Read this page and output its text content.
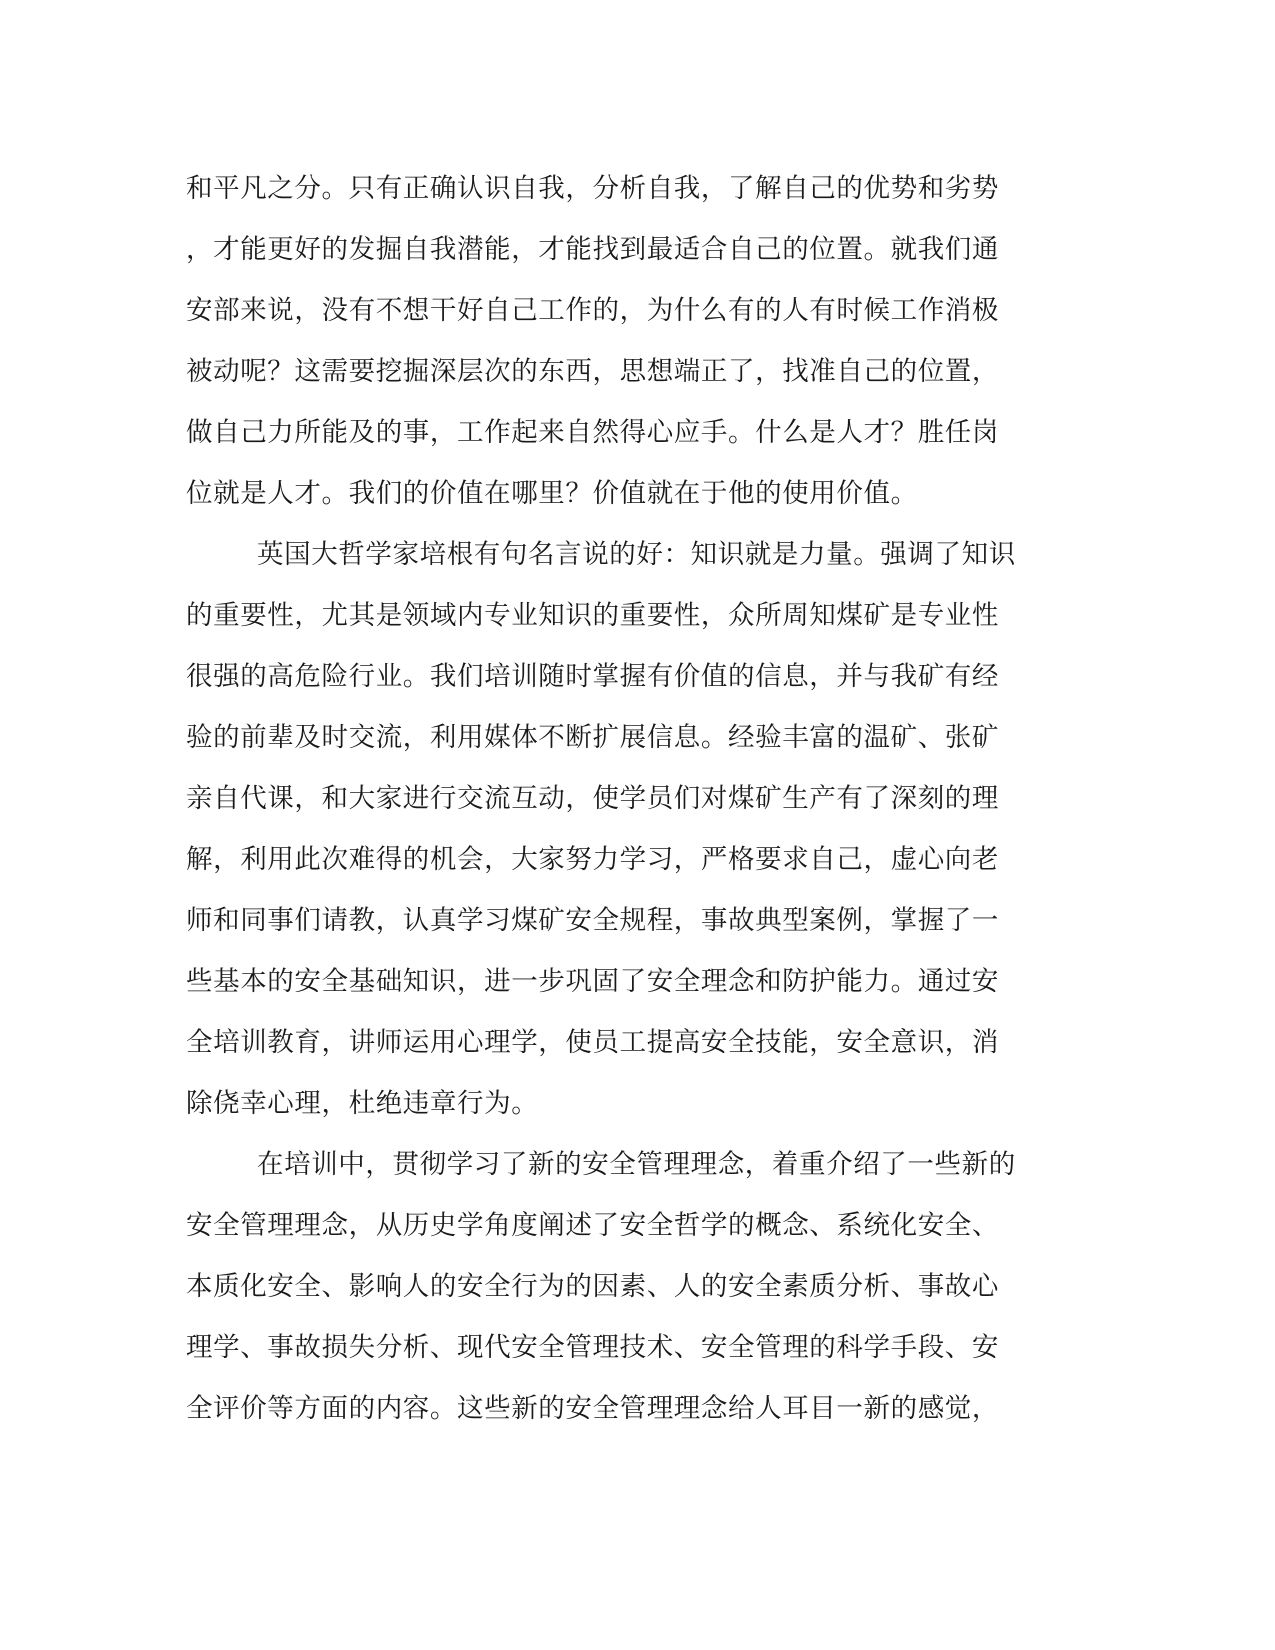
和平凡之分。只有正确认识自我，分析自我，了解自己的优势和劣势
，才能更好的发掘自我潜能，才能找到最适合自己的位置。就我们通
安部来说，没有不想干好自己工作的，为什么有的人有时候工作消极
被动呢？这需要挖掘深层次的东西，思想端正了，找准自己的位置，
做自己力所能及的事，工作起来自然得心应手。什么是人才？胜任岗
位就是人才。我们的价值在哪里？价值就在于他的使用价值。
英国大哲学家培根有句名言说的好：知识就是力量。强调了知识
的重要性，尤其是领域内专业知识的重要性，众所周知煤矿是专业性
很强的高危险行业。我们培训随时掌握有价值的信息，并与我矿有经
验的前辈及时交流，利用媒体不断扩展信息。经验丰富的温矿、张矿
亲自代课，和大家进行交流互动，使学员们对煤矿生产有了深刻的理
解，利用此次难得的机会，大家努力学习，严格要求自己，虚心向老
师和同事们请教，认真学习煤矿安全规程，事故典型案例，掌握了一
些基本的安全基础知识，进一步巩固了安全理念和防护能力。通过安
全培训教育，讲师运用心理学，使员工提高安全技能，安全意识，消
除侥幸心理，杜绝违章行为。
在培训中，贯彻学习了新的安全管理理念，着重介绍了一些新的
安全管理理念，从历史学角度阐述了安全哲学的概念、系统化安全、
本质化安全、影响人的安全行为的因素、人的安全素质分析、事故心
理学、事故损失分析、现代安全管理技术、安全管理的科学手段、安
全评价等方面的内容。这些新的安全管理理念给人耳目一新的感觉，
